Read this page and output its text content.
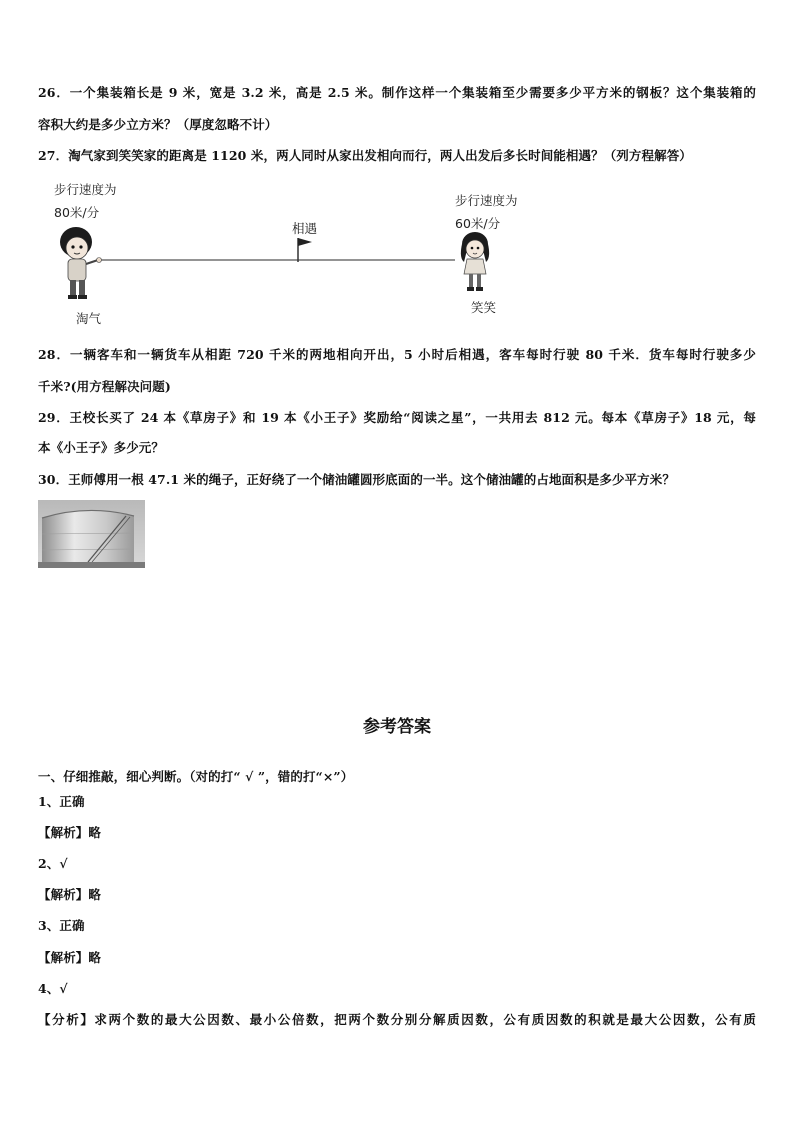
26．一个集装箱长是 9 米，宽是 3.2 米，高是 2.5 米。制作这样一个集装箱至少需要多少平方米的钢板？这个集装箱的
容积大约是多少立方米？（厚度忽略不计）
27．淘气家到笑笑家的距离是 1120 米，两人同时从家出发相向而行，两人出发后多长时间能相遇？（列方程解答）
步行速度为
80米/分
步行速度为
60米/分
相遇
淘气
笑笑
28．一辆客车和一辆货车从相距 720 千米的两地相向开出，5 小时后相遇，客车每时行驶 80 千米．货车每时行驶多少
千米?(用方程解决问题)
29．王校长买了 24 本《草房子》和 19 本《小王子》奖励给“阅读之星”，一共用去 812 元。每本《草房子》18 元，每
本《小王子》多少元？
30．王师傅用一根 47.1 米的绳子，正好绕了一个储油罐圆形底面的一半。这个储油罐的占地面积是多少平方米？
参考答案
一、仔细推敲，细心判断。（对的打“ √ ”，错的打“×”）
1、正确
【解析】略
2、√
【解析】略
3、正确
【解析】略
4、√
【分析】求两个数的最大公因数、最小公倍数，把两个数分别分解质因数，公有质因数的积就是最大公因数，公有质
